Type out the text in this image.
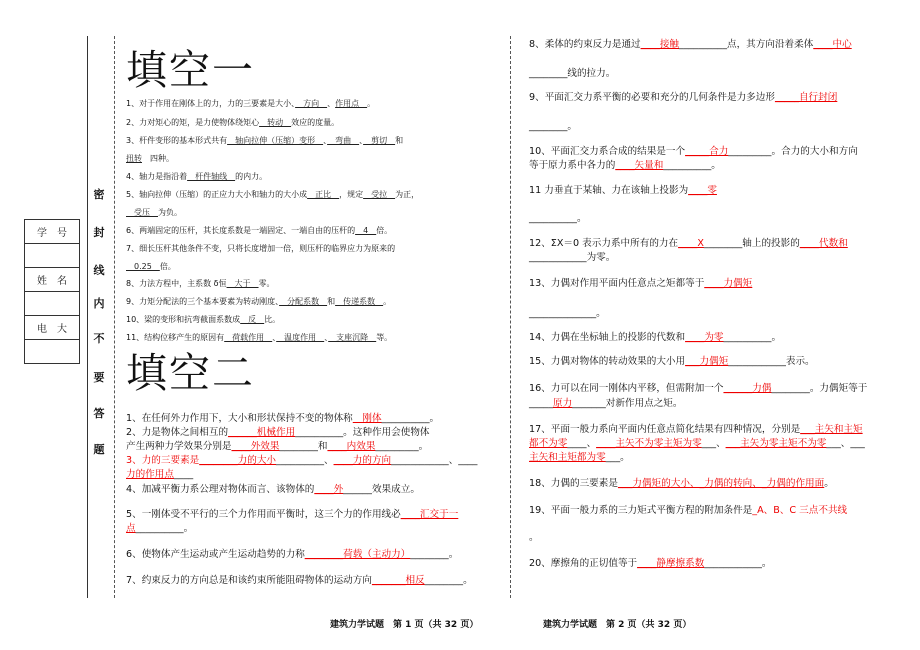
学　号

姓　名

电　大

密
封
线
内
不
要
答
题
填空一
1、对于作用在刚体上的力，力的三要素是大小、　方向　、作用点　。
2、力对矩心的矩，是力使物体绕矩心　转动　效应的度量。
3、杆件变形的基本形式共有　轴向拉伸（压缩）变形　、　弯曲　、　剪切　和
扭转　四种。
4、轴力是指沿着　杆件轴线　的内力。
5、轴向拉伸（压缩）的正应力大小和轴力的大小成　正比　，规定　受拉　为正，
　受压　为负。
6、两端固定的压杆，其长度系数是一端固定、一端自由的压杆的　4　倍。
7、细长压杆其他条件不变，只将长度增加一倍，则压杆的临界应力为原来的
　0.25　倍。
8、力法方程中，主系数 δ恒　大于　零。
9、力矩分配法的三个基本要素为转动刚度、　分配系数　和　传递系数　。
10、梁的变形和抗弯截面系数成　反　比。
11、结构位移产生的原因有　荷载作用　、　温度作用　、　支座沉降　等。
填空二
1、在任何外力作用下，大小和形状保持不变的物体称　刚体__________。
2、力是物体之间相互的______机械作用__________。这种作用会使物体
产生两种力学效果分别是____外效果________和____内效果_________。
3、力的三要素是________力的大小__________、____力的方向____________、____
力的作用点____
4、加减平衡力系公理对物体而言、该物体的____外______效果成立。
5、一刚体受不平行的三个力作用而平衡时，这三个力的作用线必____汇交于一
点__________。
6、使物体产生运动或产生运动趋势的力称________荷载（主动力）________。
7、约束反力的方向总是和该约束所能阻碍物体的运动方向_______相反________。
建筑力学试题　第 1 页（共 32 页）
8、柔体的约束反力是通过____接触__________点，其方向沿着柔体____中心
________线的拉力。
9、平面汇交力系平衡的必要和充分的几何条件是力多边形_____自行封闭
________。
10、平面汇交力系合成的结果是一个_____合力_________。合力的大小和方向
等于原力系中各力的____矢量和__________。
11 力垂直于某轴、力在该轴上投影为____零
__________。
12、ΣX＝0 表示力系中所有的力在____X________轴上的投影的____代数和
____________为零。
13、力偶对作用平面内任意点之矩都等于____力偶矩
______________。
14、力偶在坐标轴上的投影的代数和____为零__________。
15、力偶对物体的转动效果的大小用___力偶矩____________表示。
16、力可以在同一刚体内平移，但需附加一个______力偶________。力偶矩等于
_____原力_______对新作用点之矩。
17、平面一般力系向平面内任意点简化结果有四种情况，分别是___主矢和主矩
都不为零____、____主矢不为零主矩为零___、___主矢为零主矩不为零___、___
主矢和主矩都为零___。
18、力偶的三要素是___力偶矩的大小、_力偶的转向、_力偶的作用面。
19、平面一般力系的三力矩式平衡方程的附加条件是_A、B、C 三点不共线
。
20、摩擦角的正切值等于____静摩擦系数____________。
建筑力学试题　第 2 页（共 32 页）
